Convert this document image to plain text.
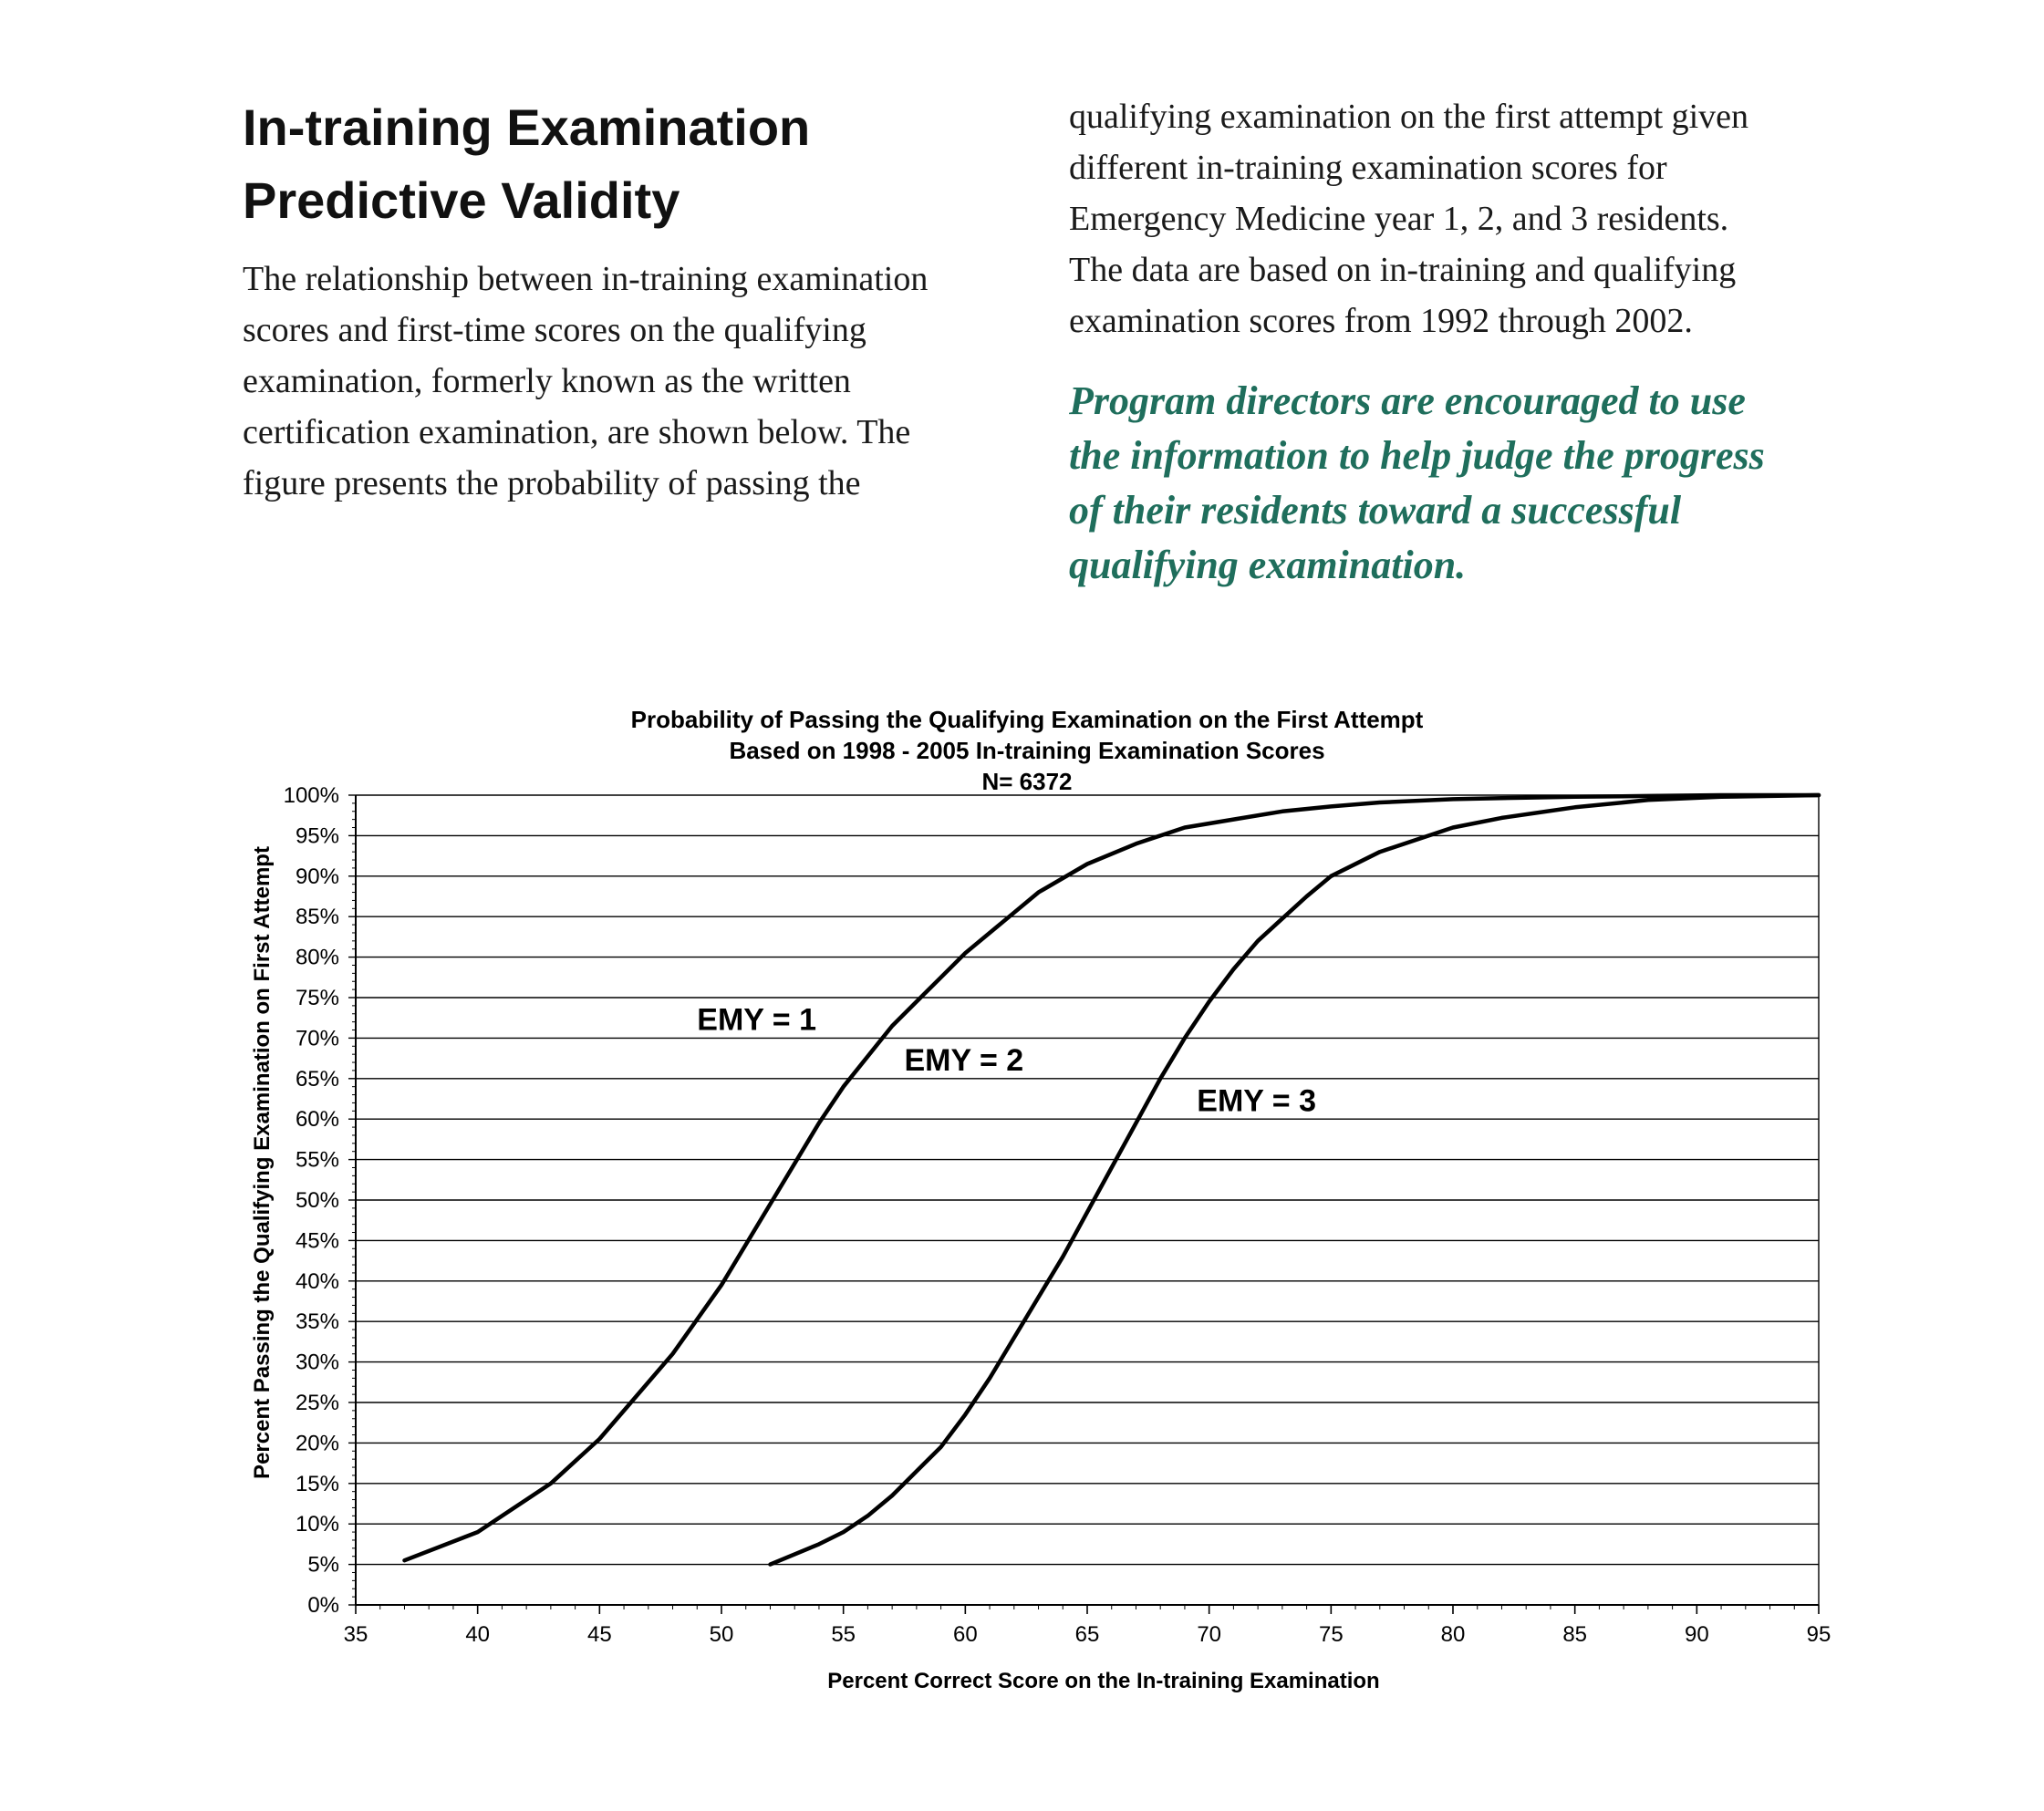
In-training Examination
Predictive Validity
The relationship between in-training examination
scores and first-time scores on the qualifying
examination, formerly known as the written
certification examination, are shown below. The
figure presents the probability of passing the
qualifying examination on the first attempt given
different in-training examination scores for
Emergency Medicine year 1, 2, and 3 residents.
The data are based on in-training and qualifying
examination scores from 1992 through 2002.
Program directors are encouraged to use
the information to help judge the progress
of their residents toward a successful
qualifying examination.
Probability of Passing the Qualifying Examination on the First Attempt
Based on 1998 - 2005 In-training Examination Scores
N= 6372
0%
5%
10%
15%
20%
25%
30%
35%
40%
45%
50%
55%
60%
65%
70%
75%
80%
85%
90%
95%
100%
35	40	45	50	55	60	65	70	75	80	85	90	95
EMY = 1
EMY = 2
EMY = 3
Percent Correct Score on the In-training Examination
Percent Passing the Qualifying Examination on First Attempt
